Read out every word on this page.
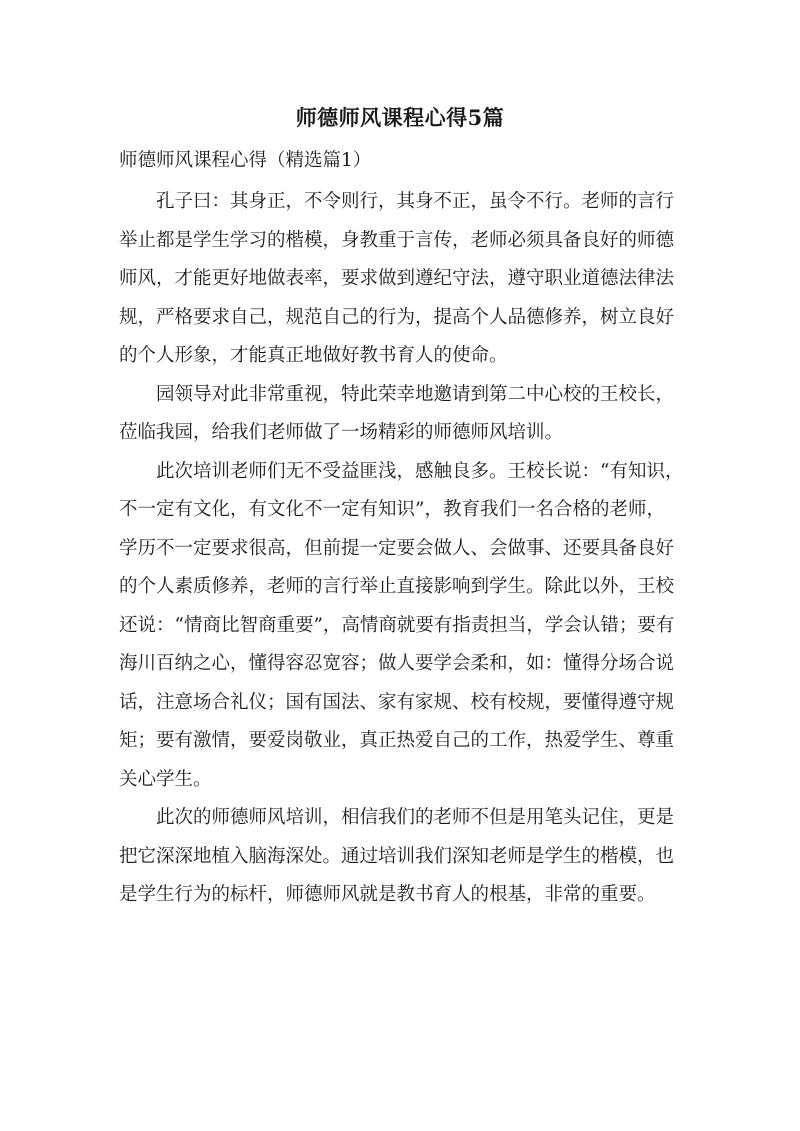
师德师风课程心得5篇
师德师风课程心得（精选篇1）
孔子曰：其身正，不令则行，其身不正，虽令不行。老师的言行
举止都是学生学习的楷模，身教重于言传，老师必须具备良好的师德
师风，才能更好地做表率，要求做到遵纪守法，遵守职业道德法律法
规，严格要求自己，规范自己的行为，提高个人品德修养，树立良好
的个人形象，才能真正地做好教书育人的使命。
园领导对此非常重视，特此荣幸地邀请到第二中心校的王校长，
莅临我园，给我们老师做了一场精彩的师德师风培训。
此次培训老师们无不受益匪浅，感触良多。王校长说：“有知识，
不一定有文化，有文化不一定有知识”，教育我们一名合格的老师，
学历不一定要求很高，但前提一定要会做人、会做事、还要具备良好
的个人素质修养，老师的言行举止直接影响到学生。除此以外，王校
还说：“情商比智商重要”，高情商就要有指责担当，学会认错；要有
海川百纳之心，懂得容忍宽容；做人要学会柔和，如：懂得分场合说
话，注意场合礼仪；国有国法、家有家规、校有校规，要懂得遵守规
矩；要有激情，要爱岗敬业，真正热爱自己的工作，热爱学生、尊重
关心学生。
此次的师德师风培训，相信我们的老师不但是用笔头记住，更是
把它深深地植入脑海深处。通过培训我们深知老师是学生的楷模，也
是学生行为的标杆，师德师风就是教书育人的根基，非常的重要。
